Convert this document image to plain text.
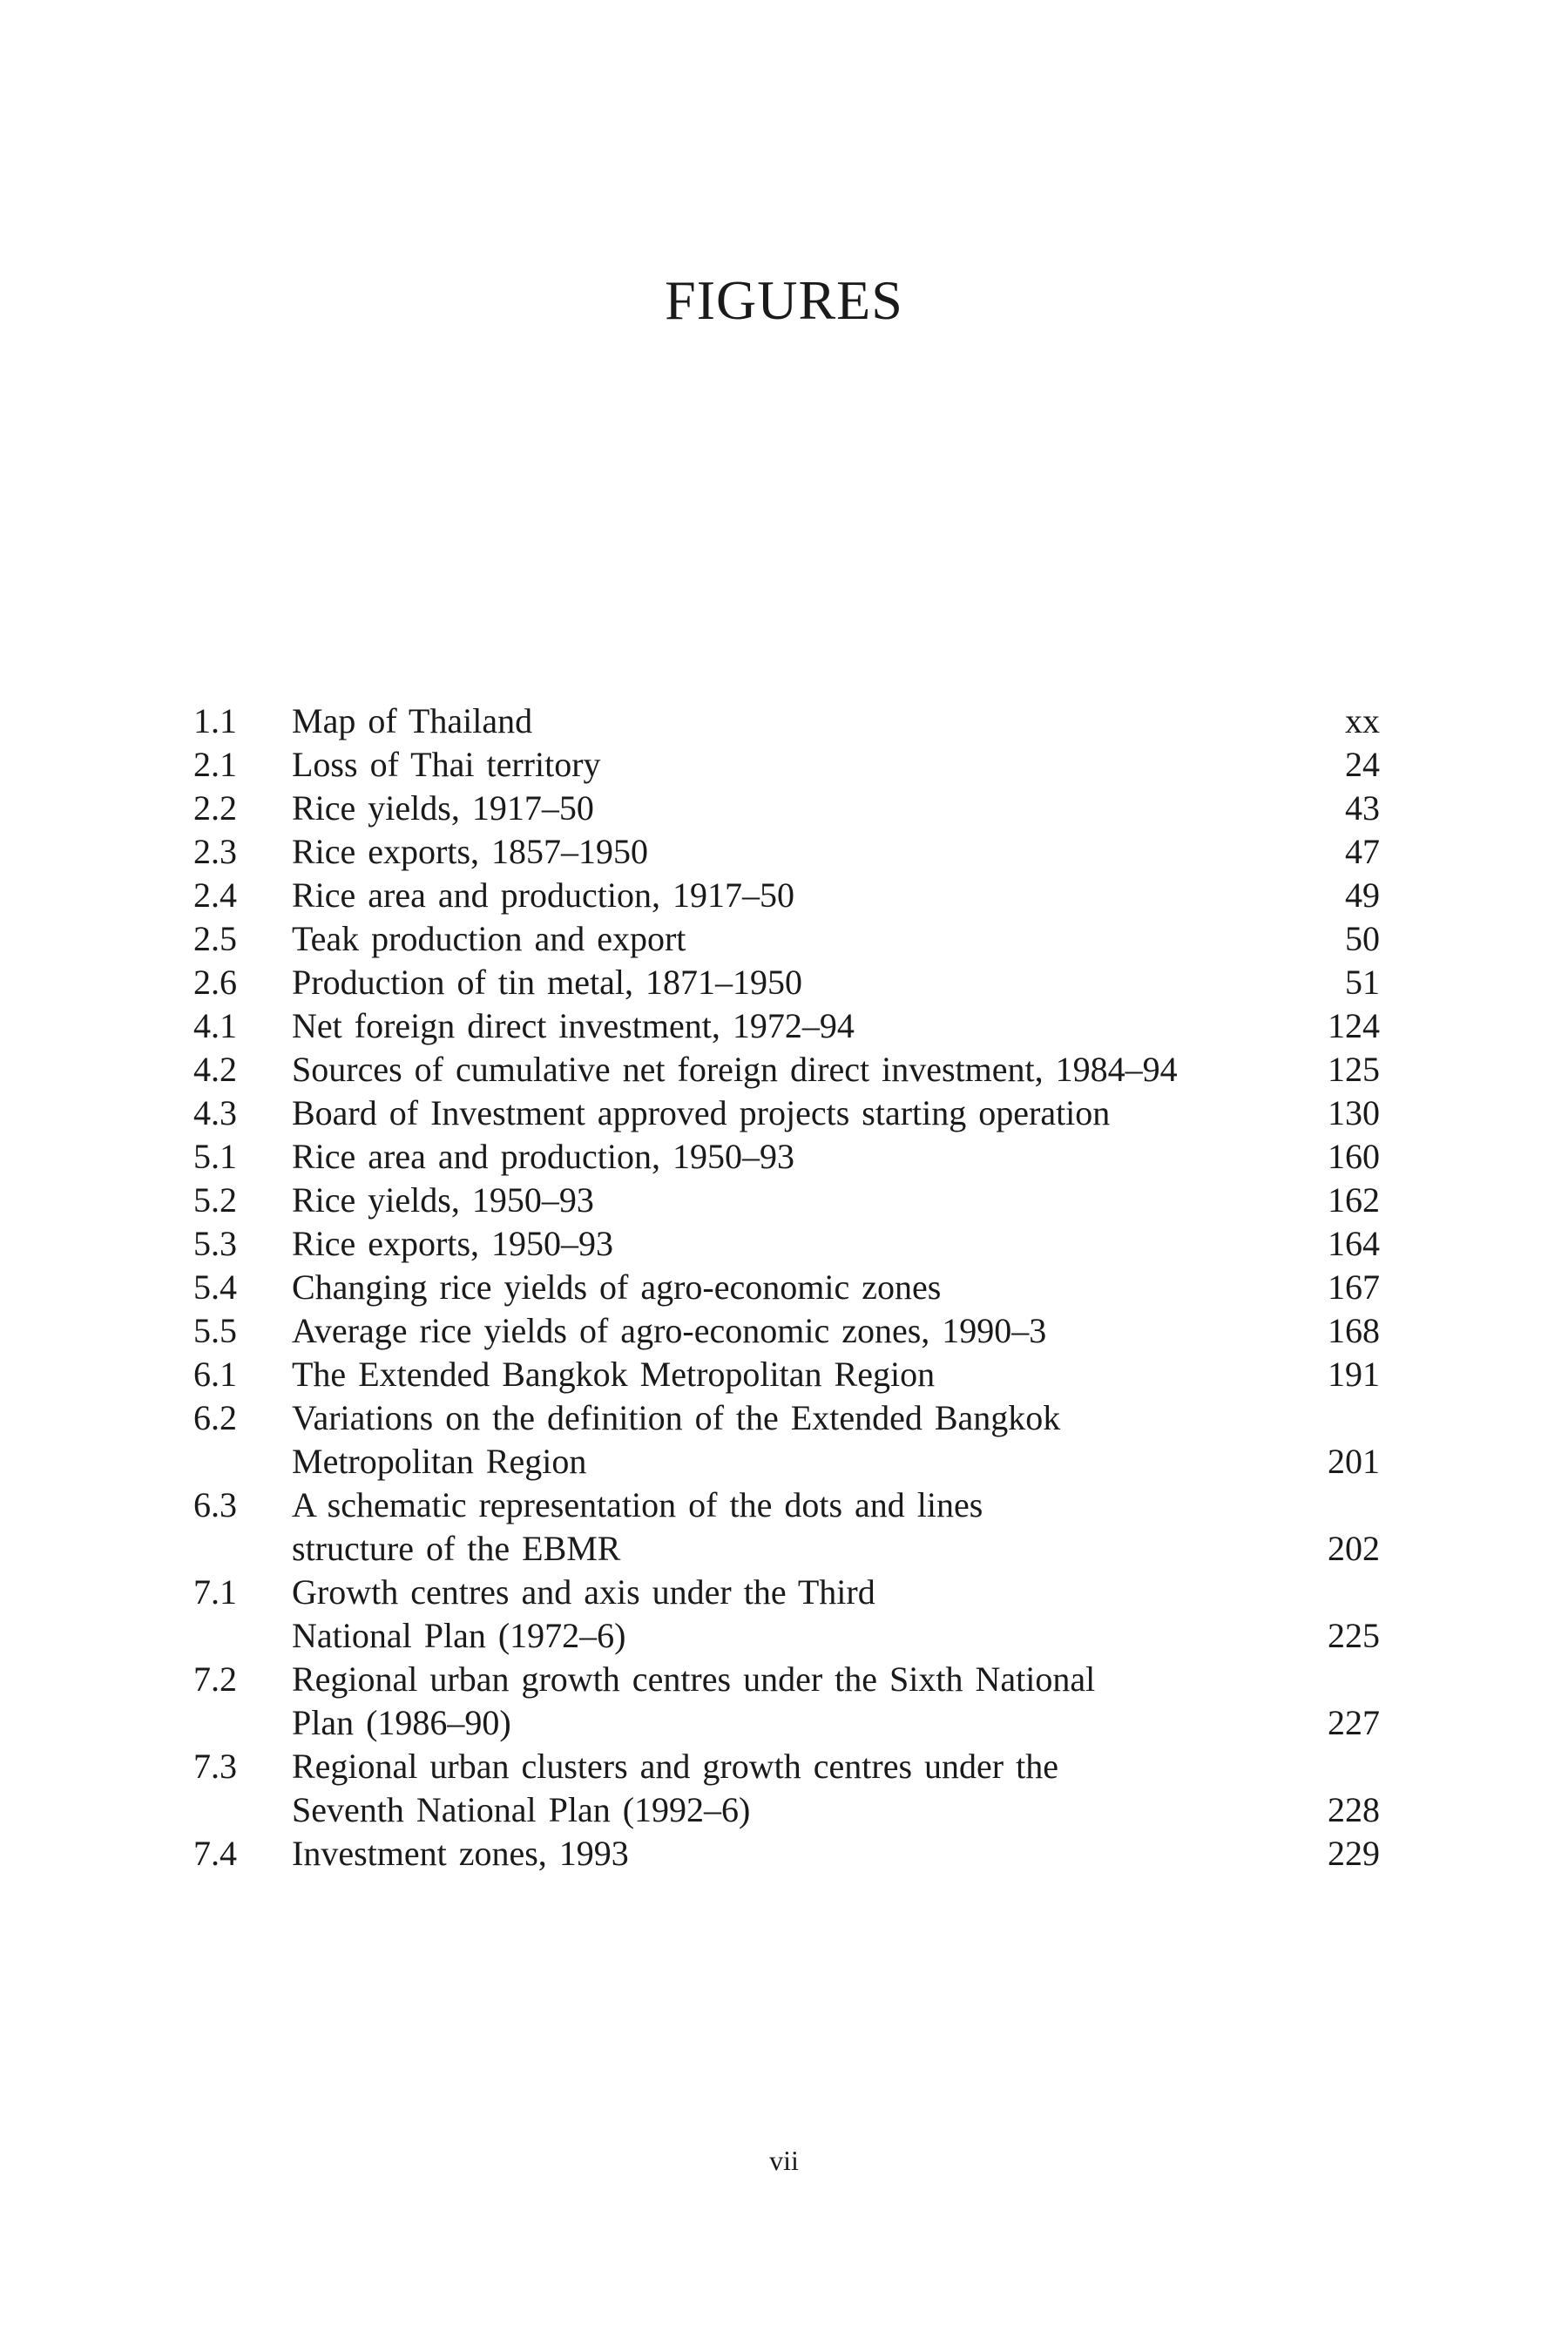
FIGURES
1.1	Map of Thailand	xx
2.1	Loss of Thai territory	24
2.2	Rice yields, 1917–50	43
2.3	Rice exports, 1857–1950	47
2.4	Rice area and production, 1917–50	49
2.5	Teak production and export	50
2.6	Production of tin metal, 1871–1950	51
4.1	Net foreign direct investment, 1972–94	124
4.2	Sources of cumulative net foreign direct investment, 1984–94	125
4.3	Board of Investment approved projects starting operation	130
5.1	Rice area and production, 1950–93	160
5.2	Rice yields, 1950–93	162
5.3	Rice exports, 1950–93	164
5.4	Changing rice yields of agro-economic zones	167
5.5	Average rice yields of agro-economic zones, 1990–3	168
6.1	The Extended Bangkok Metropolitan Region	191
6.2	Variations on the definition of the Extended Bangkok
Metropolitan Region	201
6.3	A schematic representation of the dots and lines
structure of the EBMR	202
7.1	Growth centres and axis under the Third
National Plan (1972–6)	225
7.2	Regional urban growth centres under the Sixth National
Plan (1986–90)	227
7.3	Regional urban clusters and growth centres under the
Seventh National Plan (1992–6)	228
7.4	Investment zones, 1993	229
vii
